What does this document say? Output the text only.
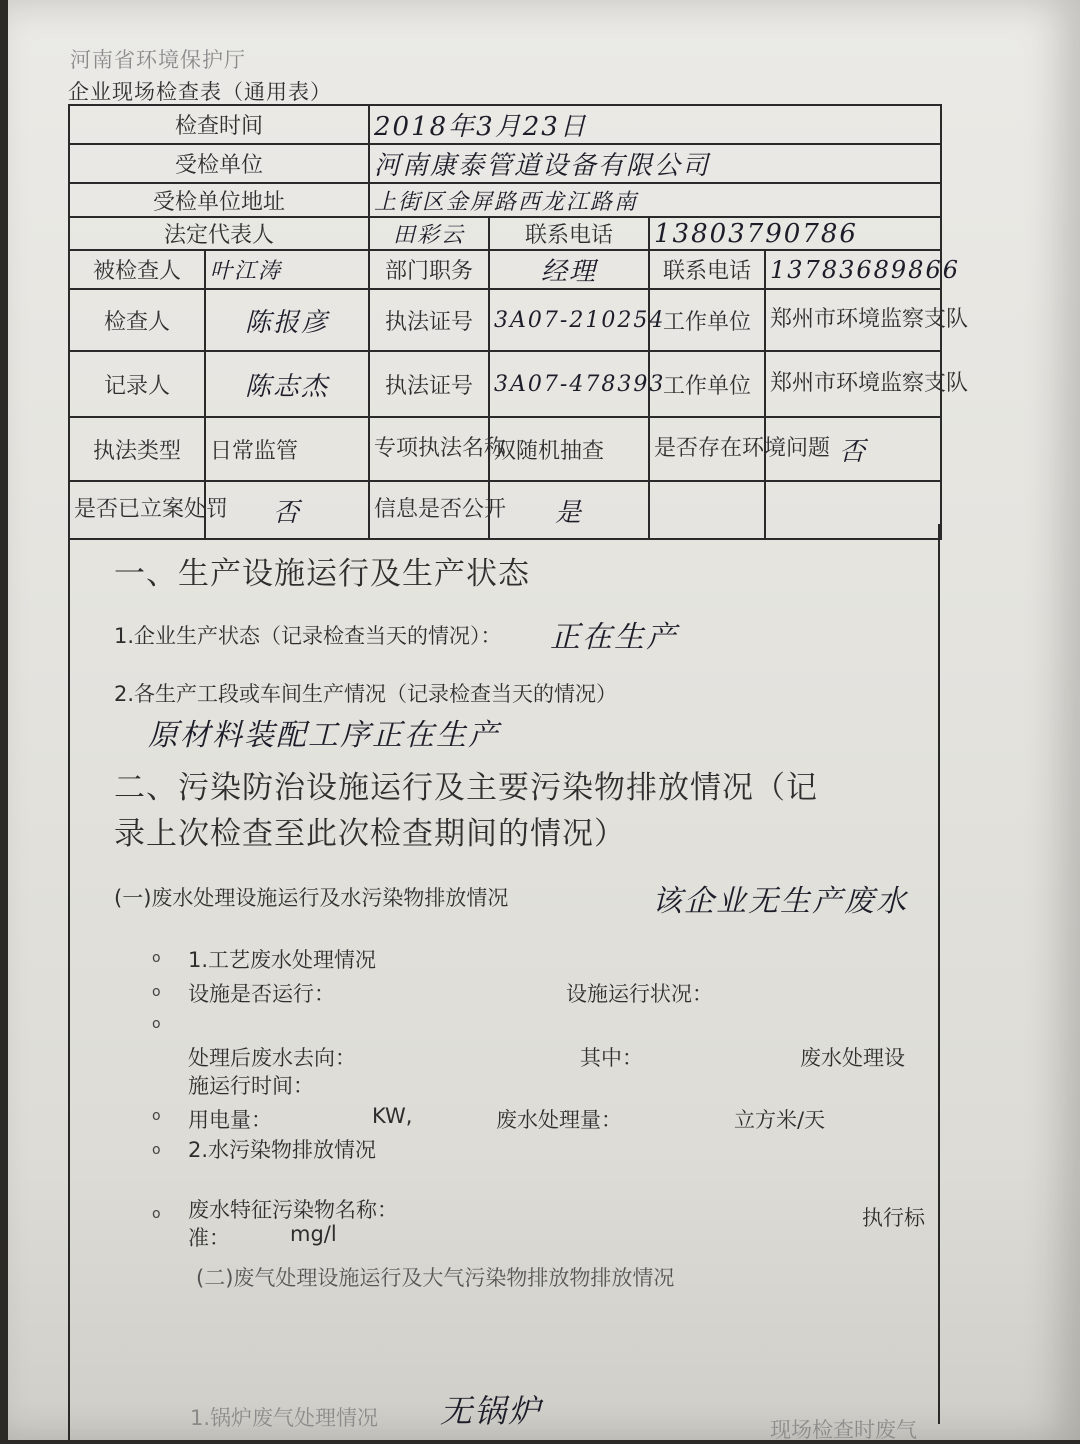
河南省环境保护厅
企业现场检查表（通用表）
检查时间		2018年3月23日			
受检单位		河南康泰管道设备有限公司			
受检单位地址		上街区金屏路西龙江路南			
法定代表人		田彩云	联系电话	13803790786	
被检查人	叶江涛	部门职务	经理	联系电话	13783689866
检查人	陈报彦	执法证号	3A07-210254	工作单位	郑州市环境监察支队
记录人	陈志杰	执法证号	3A07-478393	工作单位	郑州市环境监察支队
执法类型	日常监管	专项执法名称	双随机抽查	是否存在环境问题	否
是否已立案处罚	否	信息是否公开	是		
一、生产设施运行及生产状态
1.企业生产状态（记录检查当天的情况）： 正在生产
2.各生产工段或车间生产情况（记录检查当天的情况）
原材料装配工序正在生产
二、污染防治设施运行及主要污染物排放情况（记
录上次检查至此次检查期间的情况）
(一)废水处理设施运行及水污染物排放情况	该企业无生产废水
o 1.工艺废水处理情况
o 设施是否运行：	设施运行状况：
o
处理后废水去向：	其中：	废水处理设
施运行时间：
o 用电量：	KW,	废水处理量：	立方米/天
o 2.水污染物排放情况
o 废水特征污染物名称：	执行标
准：	mg/l
(二)废气处理设施运行及大气污染物排放物排放情况
1.锅炉废气处理情况 无锅炉	现场检查时废气
